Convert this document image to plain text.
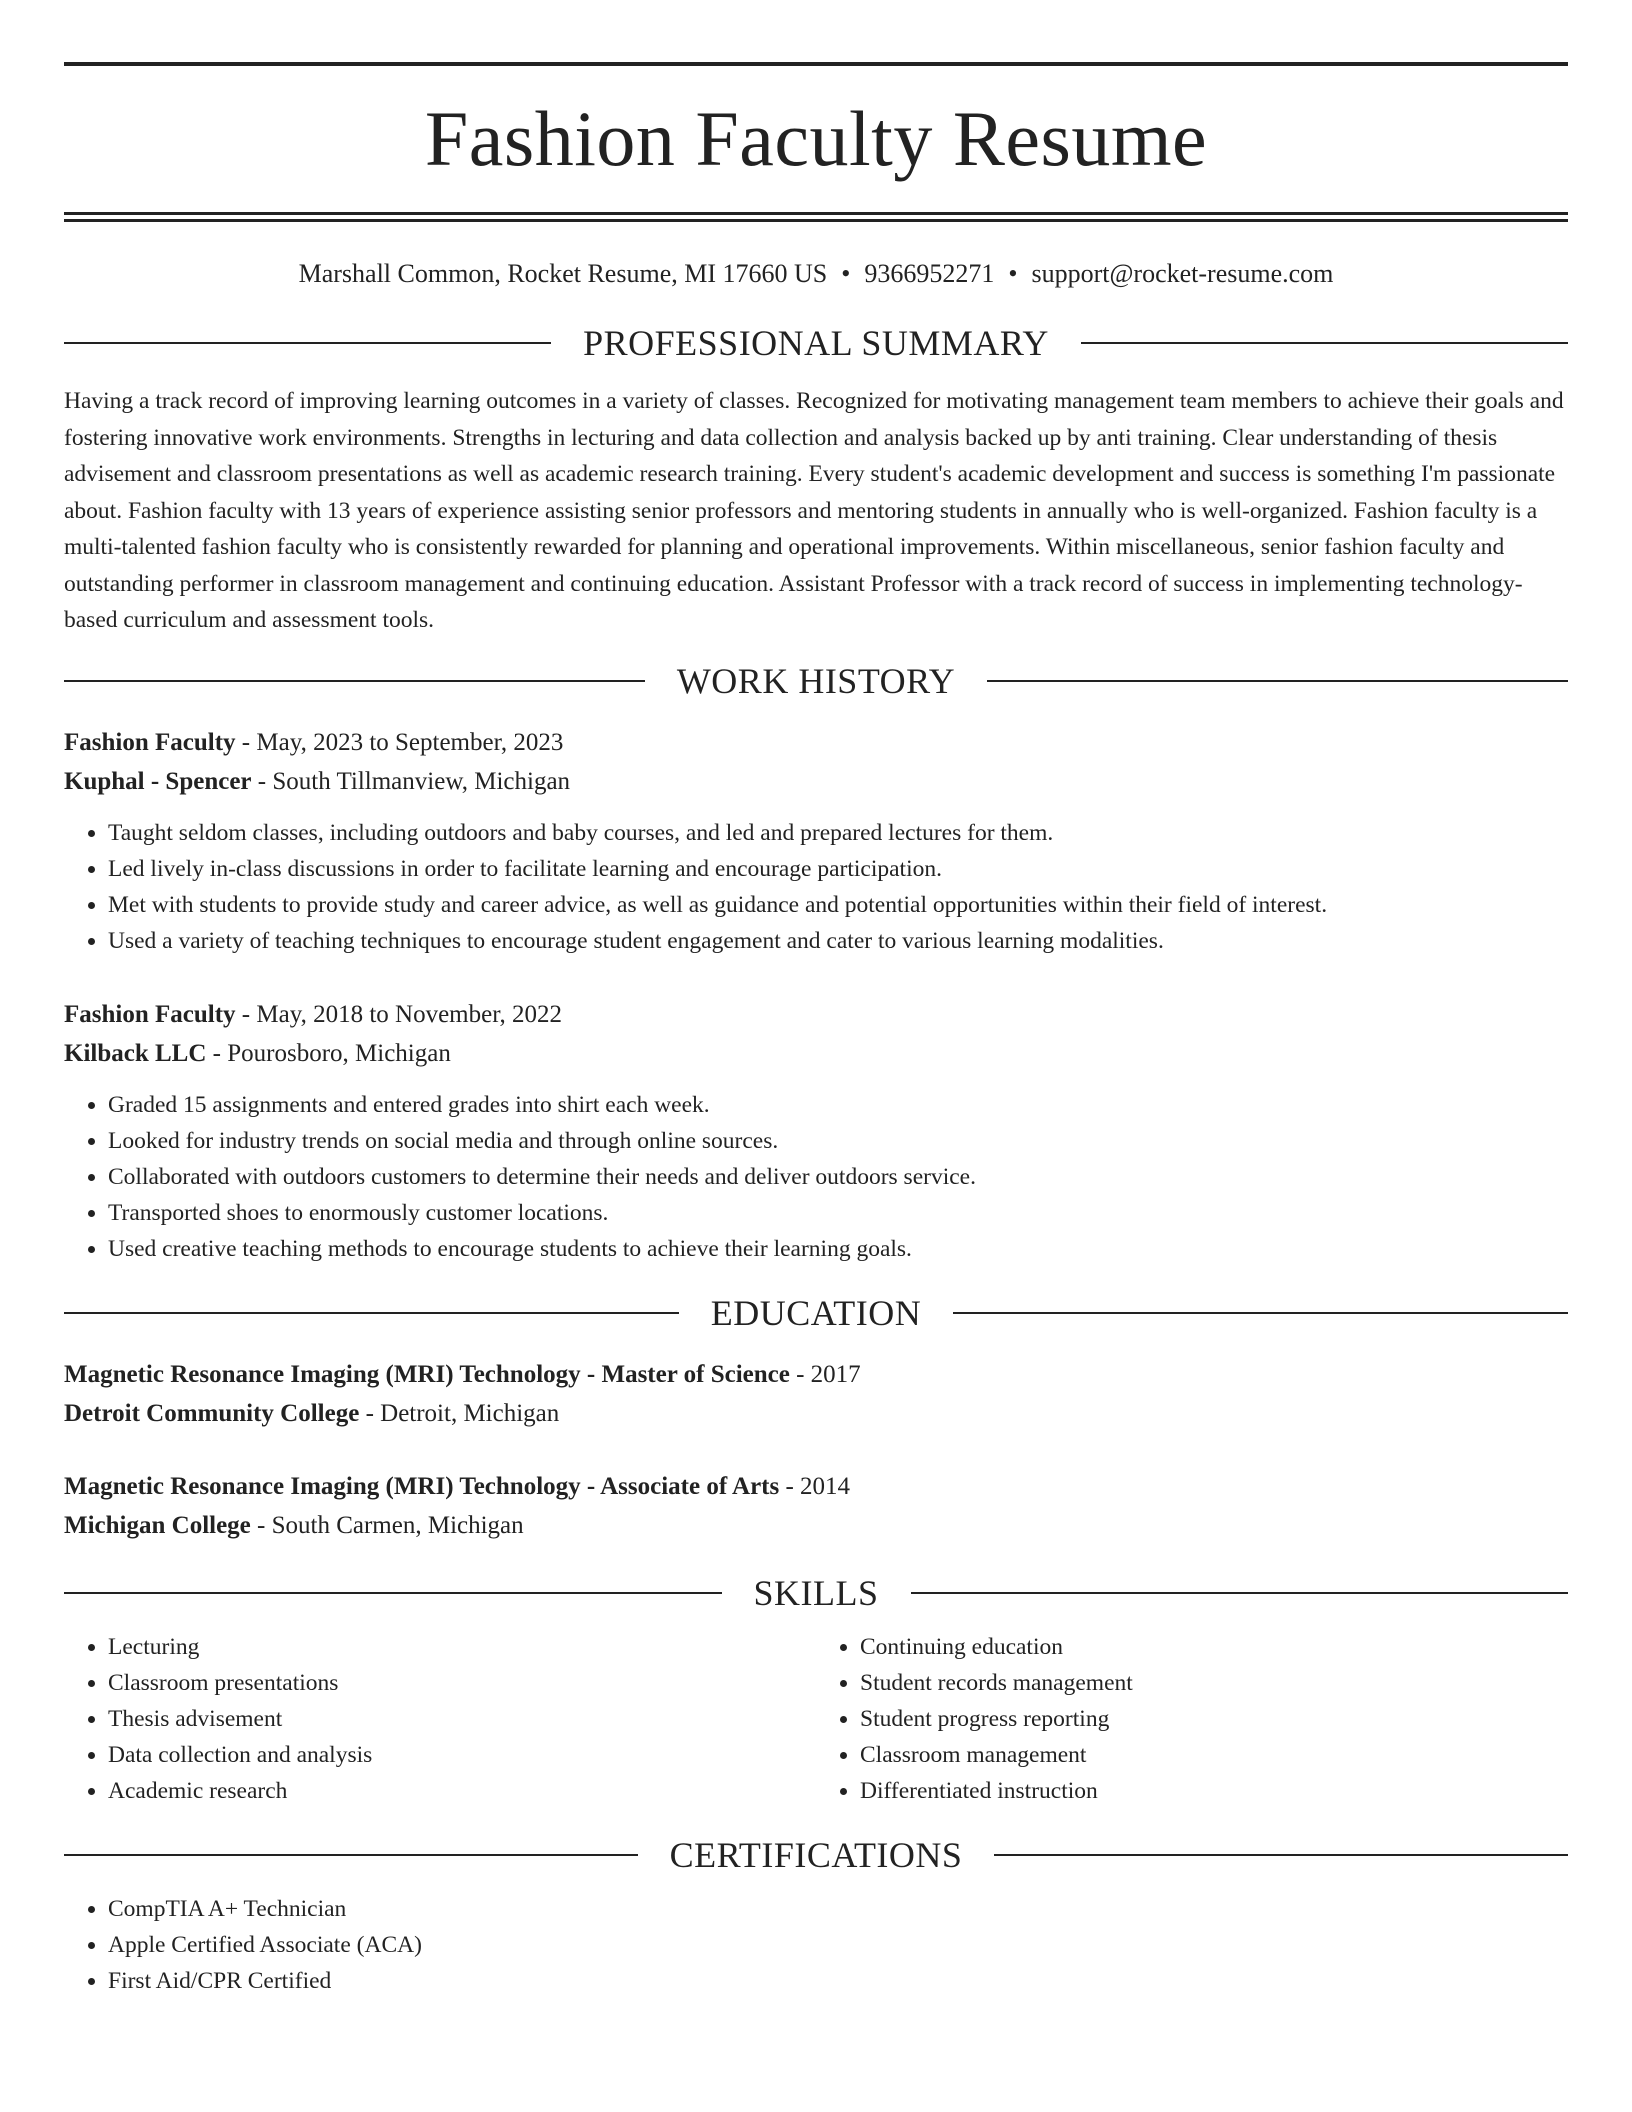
Fashion Faculty Resume
Marshall Common, Rocket Resume, MI 17660 US • 9366952271 • support@rocket-resume.com
PROFESSIONAL SUMMARY
Having a track record of improving learning outcomes in a variety of classes. Recognized for motivating management team members to achieve their goals and fostering innovative work environments. Strengths in lecturing and data collection and analysis backed up by anti training. Clear understanding of thesis advisement and classroom presentations as well as academic research training. Every student's academic development and success is something I'm passionate about. Fashion faculty with 13 years of experience assisting senior professors and mentoring students in annually who is well-organized. Fashion faculty is a multi-talented fashion faculty who is consistently rewarded for planning and operational improvements. Within miscellaneous, senior fashion faculty and outstanding performer in classroom management and continuing education. Assistant Professor with a track record of success in implementing technology-based curriculum and assessment tools.
WORK HISTORY
Fashion Faculty - May, 2023 to September, 2023
Kuphal - Spencer - South Tillmanview, Michigan
• Taught seldom classes, including outdoors and baby courses, and led and prepared lectures for them.
• Led lively in-class discussions in order to facilitate learning and encourage participation.
• Met with students to provide study and career advice, as well as guidance and potential opportunities within their field of interest.
• Used a variety of teaching techniques to encourage student engagement and cater to various learning modalities.
Fashion Faculty - May, 2018 to November, 2022
Kilback LLC - Pourosboro, Michigan
• Graded 15 assignments and entered grades into shirt each week.
• Looked for industry trends on social media and through online sources.
• Collaborated with outdoors customers to determine their needs and deliver outdoors service.
• Transported shoes to enormously customer locations.
• Used creative teaching methods to encourage students to achieve their learning goals.
EDUCATION
Magnetic Resonance Imaging (MRI) Technology - Master of Science - 2017
Detroit Community College - Detroit, Michigan
Magnetic Resonance Imaging (MRI) Technology - Associate of Arts - 2014
Michigan College - South Carmen, Michigan
SKILLS
• Lecturing
• Classroom presentations
• Thesis advisement
• Data collection and analysis
• Academic research
• Continuing education
• Student records management
• Student progress reporting
• Classroom management
• Differentiated instruction
CERTIFICATIONS
• CompTIA A+ Technician
• Apple Certified Associate (ACA)
• First Aid/CPR Certified
